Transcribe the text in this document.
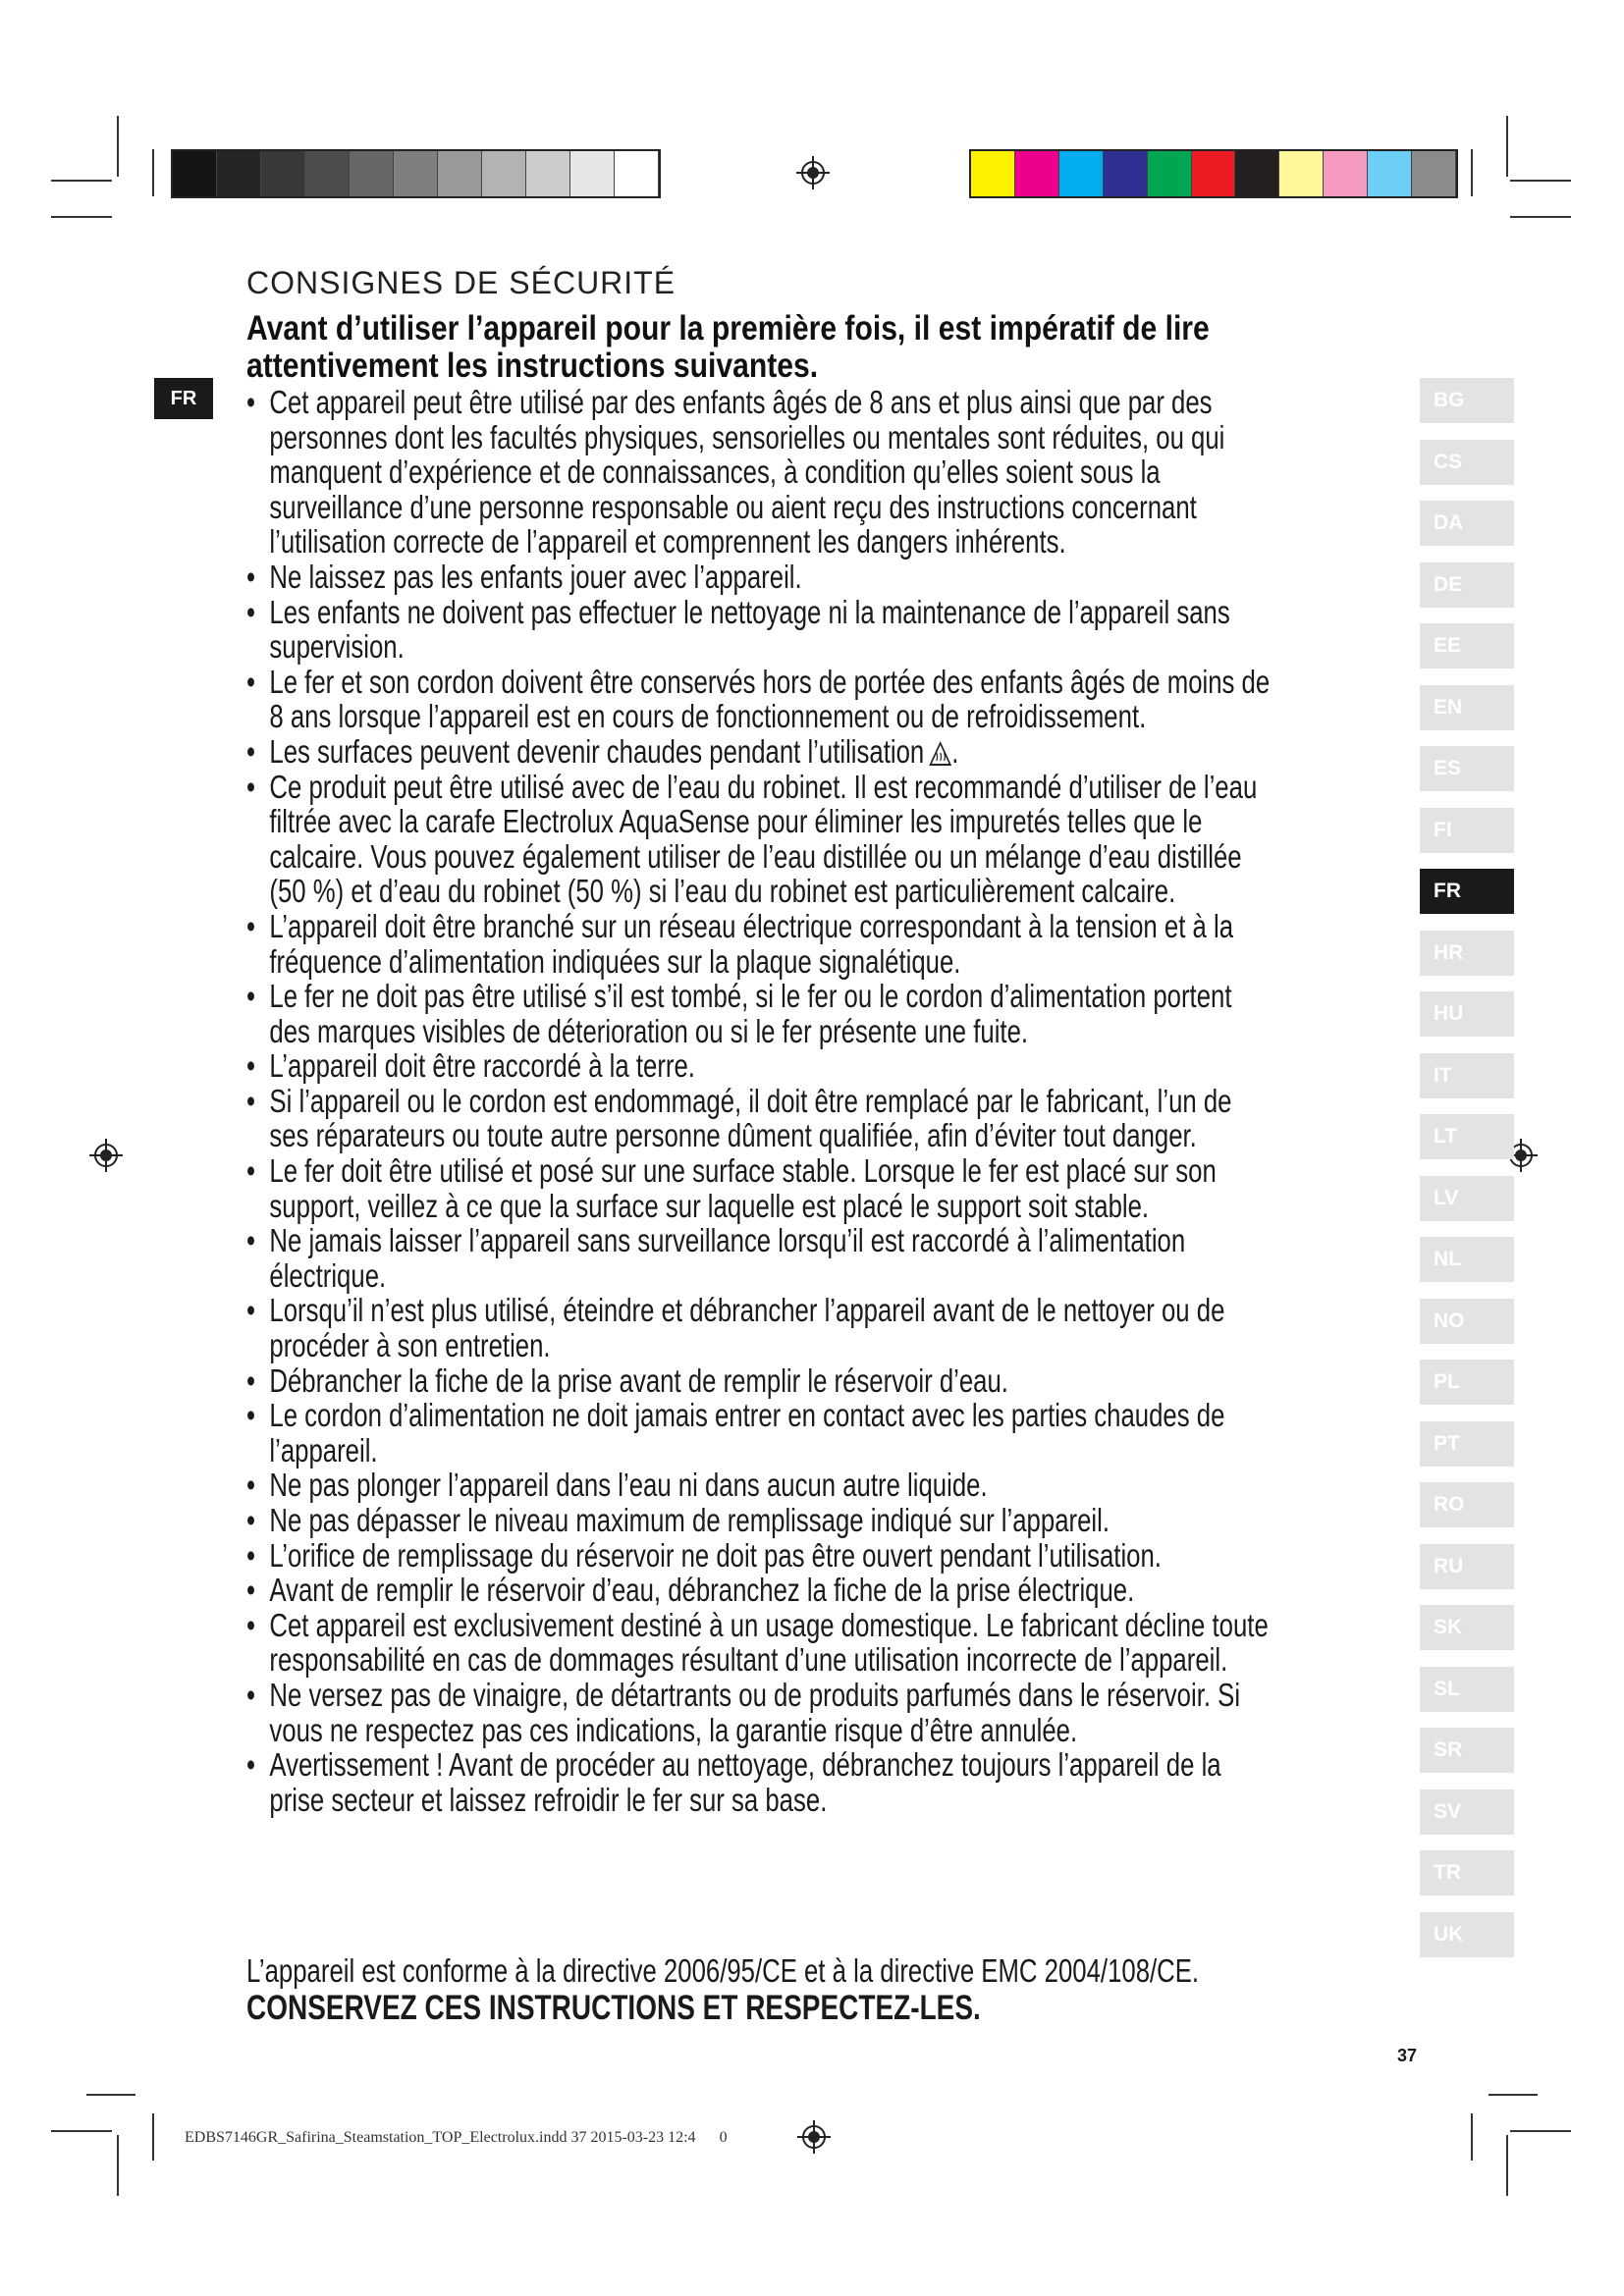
CONSIGNES DE SÉCURITÉ
Avant d’utiliser l’appareil pour la première fois, il est impératif de lire attentivement les instructions suivantes.
• Cet appareil peut être utilisé par des enfants âgés de 8 ans et plus ainsi que par des personnes dont les facultés physiques, sensorielles ou mentales sont réduites, ou qui manquent d’expérience et de connaissances, à condition qu’elles soient sous la surveillance d’une personne responsable ou aient reçu des instructions concernant l’utilisation correcte de l’appareil et comprennent les dangers inhérents.
• Ne laissez pas les enfants jouer avec l’appareil.
• Les enfants ne doivent pas effectuer le nettoyage ni la maintenance de l’appareil sans supervision.
• Le fer et son cordon doivent être conservés hors de portée des enfants âgés de moins de 8 ans lorsque l’appareil est en cours de fonctionnement ou de refroidissement.
• Les surfaces peuvent devenir chaudes pendant l’utilisation .
• Ce produit peut être utilisé avec de l’eau du robinet. Il est recommandé d’utiliser de l’eau filtrée avec la carafe Electrolux AquaSense pour éliminer les impuretés telles que le calcaire. Vous pouvez également utiliser de l’eau distillée ou un mélange d’eau distillée (50 %) et d’eau du robinet (50 %) si l’eau du robinet est particulièrement calcaire.
• L’appareil doit être branché sur un réseau électrique correspondant à la tension et à la fréquence d’alimentation indiquées sur la plaque signalétique.
• Le fer ne doit pas être utilisé s’il est tombé, si le fer ou le cordon d’alimentation portent des marques visibles de déterioration ou si le fer présente une fuite.
• L’appareil doit être raccordé à la terre.
• Si l’appareil ou le cordon est endommagé, il doit être remplacé par le fabricant, l’un de ses réparateurs ou toute autre personne dûment qualifiée, afin d’éviter tout danger.
• Le fer doit être utilisé et posé sur une surface stable. Lorsque le fer est placé sur son support, veillez à ce que la surface sur laquelle est placé le support soit stable.
• Ne jamais laisser l’appareil sans surveillance lorsqu’il est raccordé à l’alimentation électrique.
• Lorsqu’il n’est plus utilisé, éteindre et débrancher l’appareil avant de le nettoyer ou de procéder à son entretien.
• Débrancher la fiche de la prise avant de remplir le réservoir d’eau.
• Le cordon d’alimentation ne doit jamais entrer en contact avec les parties chaudes de l’appareil.
• Ne pas plonger l’appareil dans l’eau ni dans aucun autre liquide.
• Ne pas dépasser le niveau maximum de remplissage indiqué sur l’appareil.
• L’orifice de remplissage du réservoir ne doit pas être ouvert pendant l’utilisation.
• Avant de remplir le réservoir d’eau, débranchez la fiche de la prise électrique.
• Cet appareil est exclusivement destiné à un usage domestique. Le fabricant décline toute responsabilité en cas de dommages résultant d’une utilisation incorrecte de l’appareil.
• Ne versez pas de vinaigre, de détartrants ou de produits parfumés dans le réservoir. Si vous ne respectez pas ces indications, la garantie risque d’être annulée.
• Avertissement ! Avant de procéder au nettoyage, débranchez toujours l’appareil de la prise secteur et laissez refroidir le fer sur sa base.
L’appareil est conforme à la directive 2006/95/CE et à la directive EMC 2004/108/CE.
CONSERVEZ CES INSTRUCTIONS ET RESPECTEZ-LES.
FR	BG
CS
DA
DE
EE
EN
ES
FI
FR
HR
HU
IT
LT
LV
NL
NO
PL
PT
RO
RU
SK
SL
SR
SV
TR
UK
37
EDBS7146GR_Safirina_Steamstation_TOP_Electrolux.indd 37 2015-03-23 12:4 0
